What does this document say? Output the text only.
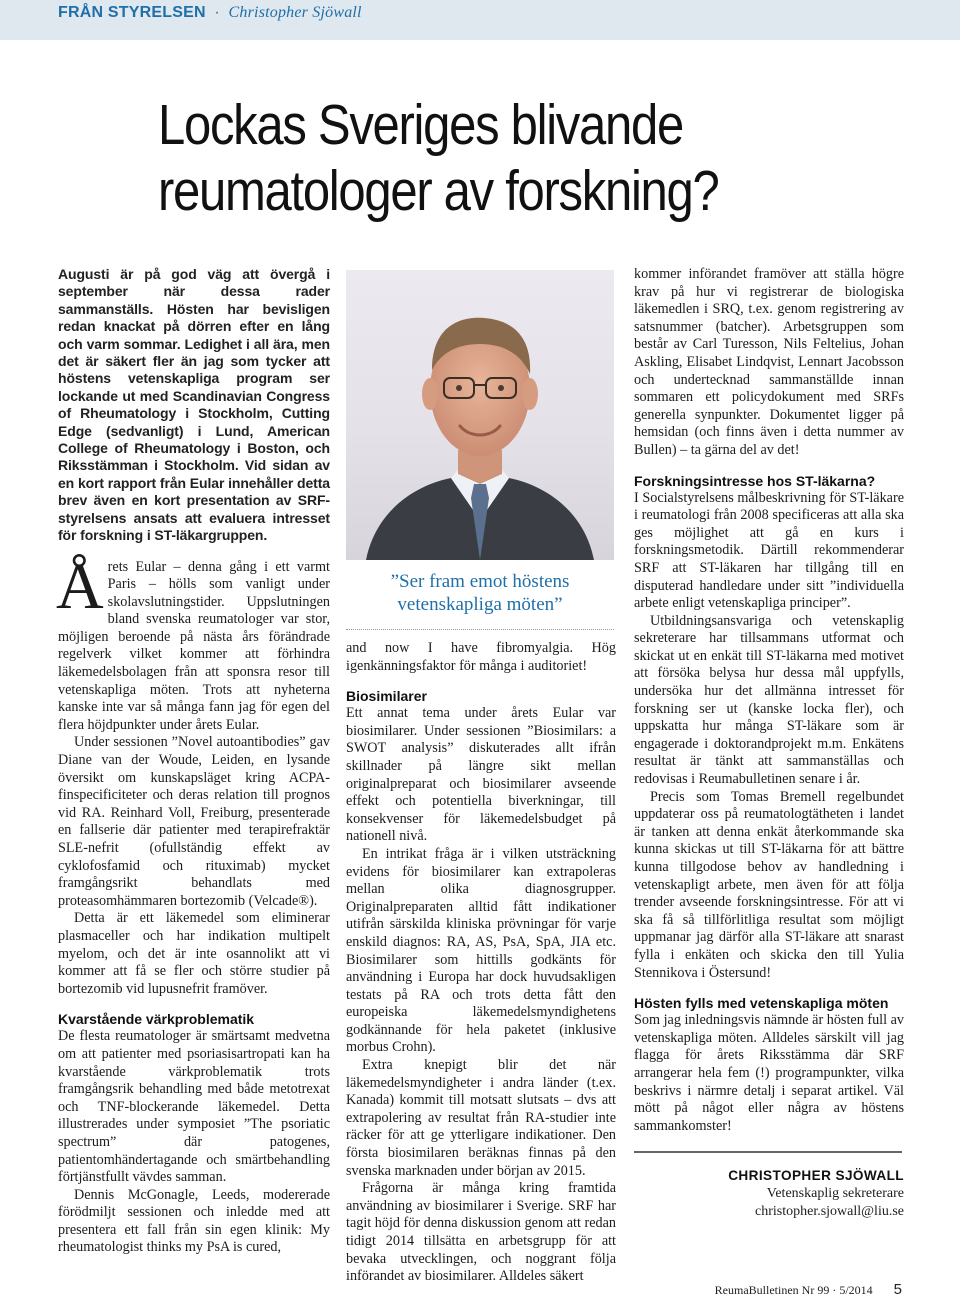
FRÅN STYRELSEN · Christopher Sjöwall
Lockas Sveriges blivande
reumatologer av forskning?

Augusti är på god väg att övergå i september när dessa rader sammanställs. Hösten har bevisligen redan knackat på dörren efter en lång och varm sommar. Ledighet i all ära, men det är säkert fler än jag som tycker att höstens vetenskapliga program ser lockande ut med Scandinavian Congress of Rheumatology i Stockholm, Cutting Edge (sedvanligt) i Lund, American College of Rheumatology i Boston, och Riksstämman i Stockholm. Vid sidan av en kort rapport från Eular innehåller detta brev även en kort presentation av SRF-styrelsens ansats att evaluera intresset för forskning i ST-läkargruppen.

Å rets Eular – denna gång i ett varmt Paris – hölls som vanligt under skolavslutningstider. Uppslutningen bland svenska reumatologer var stor, möjligen beroende på nästa års förändrade regelverk vilket kommer att förhindra läkemedelsbolagen från att sponsra resor till vetenskapliga möten. Trots att nyheterna kanske inte var så många fann jag för egen del flera höjdpunkter under årets Eular.

Under sessionen ”Novel autoantibodies” gav Diane van der Woude, Leiden, en lysande översikt om kunskapsläget kring ACPA-finspecificiteter och deras relation till prognos vid RA. Reinhard Voll, Freiburg, presenterade en fallserie där patienter med terapirefraktär SLE-nefrit (ofullständig effekt av cyklofosfamid och rituximab) mycket framgångsrikt behandlats med proteasomhämmaren bortezomib (Velcade®).

Detta är ett läkemedel som eliminerar plasmaceller och har indikation multipelt myelom, och det är inte osannolikt att vi kommer att få se fler och större studier på bortezomib vid lupusnefrit framöver.

Kvarstående värkproblematik

De flesta reumatologer är smärtsamt medvetna om att patienter med psoriasisartropati kan ha kvarstående värkproblematik trots framgångsrik behandling med både metotrexat och TNF-blockerande läkemedel. Detta illustrerades under symposiet ”The psoriatic spectrum” där patogenes, patientomhändertagande och smärtbehandling förtjänstfullt vävdes samman.

Dennis McGonagle, Leeds, modererade förödmiljt sessionen och inledde med att presentera ett fall från sin egen klinik: My rheumatologist thinks my PsA is cured,

”Ser fram emot höstens vetenskapliga möten”

and now I have fibromyalgia. Hög igenkänningsfaktor för många i auditoriet!

Biosimilarer

Ett annat tema under årets Eular var biosimilarer. Under sessionen ”Biosimilars: a SWOT analysis” diskuterades allt ifrån skillnader på längre sikt mellan originalpreparat och biosimilarer avseende effekt och potentiella biverkningar, till konsekvenser för läkemedelsbudget på nationell nivå.

En intrikat fråga är i vilken utsträckning evidens för biosimilarer kan extrapoleras mellan olika diagnosgrupper. Originalpreparaten alltid fått indikationer utifrån särskilda kliniska prövningar för varje enskild diagnos: RA, AS, PsA, SpA, JIA etc. Biosimilarer som hittills godkänts för användning i Europa har dock huvudsakligen testats på RA och trots detta fått den europeiska läkemedelsmyndighetens godkännande för hela paketet (inklusive morbus Crohn).

Extra knepigt blir det när läkemedelsmyndigheter i andra länder (t.ex. Kanada) kommit till motsatt slutsats – dvs att extrapolering av resultat från RA-studier inte räcker för att ge ytterligare indikationer. Den första biosimilaren beräknas finnas på den svenska marknaden under början av 2015.

Frågorna är många kring framtida användning av biosimilarer i Sverige. SRF har tagit höjd för denna diskussion genom att redan tidigt 2014 tillsätta en arbetsgrupp för att bevaka utvecklingen, och noggrant följa införandet av biosimilarer. Alldeles säkert

kommer införandet framöver att ställa högre krav på hur vi registrerar de biologiska läkemedlen i SRQ, t.ex. genom registrering av satsnummer (batcher). Arbetsgruppen som består av Carl Turesson, Nils Feltelius, Johan Askling, Elisabet Lindqvist, Lennart Jacobsson och undertecknad sammanställde innan sommaren ett policydokument med SRFs generella synpunkter. Dokumentet ligger på hemsidan (och finns även i detta nummer av Bullen) – ta gärna del av det!

Forskningsintresse hos ST-läkarna?

I Socialstyrelsens målbeskrivning för ST-läkare i reumatologi från 2008 specificeras att alla ska ges möjlighet att gå en kurs i forskningsmetodik. Därtill rekommenderar SRF att ST-läkaren har tillgång till en disputerad handledare under sitt ”individuella arbete enligt vetenskapliga principer”.

Utbildningsansvariga och vetenskaplig sekreterare har tillsammans utformat och skickat ut en enkät till ST-läkarna med motivet att försöka belysa hur dessa mål uppfylls, undersöka hur det allmänna intresset för forskning ser ut (kanske locka fler), och uppskatta hur många ST-läkare som är engagerade i doktorandprojekt m.m. Enkätens resultat är tänkt att sammanställas och redovisas i Reumabulletinen senare i år.

Precis som Tomas Bremell regelbundet uppdaterar oss på reumatologtätheten i landet är tanken att denna enkät återkommande ska kunna skickas ut till ST-läkarna för att bättre kunna tillgodose behov av handledning i vetenskapligt arbete, men även för att följa trender avseende forskningsintresse. För att vi ska få så tillförlitliga resultat som möjligt uppmanar jag därför alla ST-läkare att snarast fylla i enkäten och skicka den till Yulia Stennikova i Östersund!

Hösten fylls med vetenskapliga möten

Som jag inledningsvis nämnde är hösten full av vetenskapliga möten. Alldeles särskilt vill jag flagga för årets Riksstämma där SRF arrangerar hela fem (!) programpunkter, vilka beskrivs i närmre detalj i separat artikel. Väl mött på något eller några av höstens sammankomster!

CHRISTOPHER SJÖWALL
Vetenskaplig sekreterare
christopher.sjowall@liu.se
ReumaBulletinen Nr 99 · 5/2014 5
